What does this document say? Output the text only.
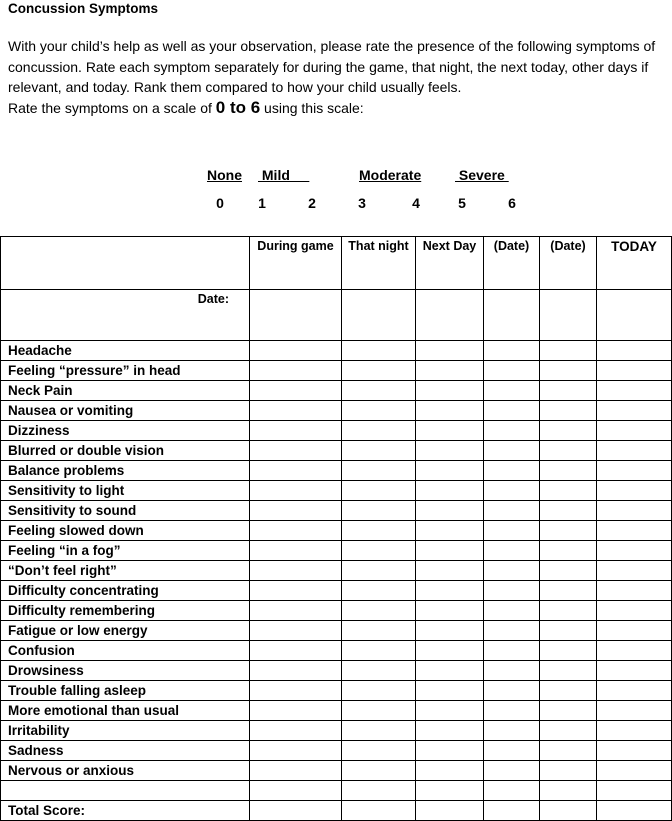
Concussion Symptoms

With your child’s help as well as your observation, please rate the presence of the following symptoms of concussion. Rate each symptom separately for during the game, that night, the next today, other days if relevant, and today. Rank them compared to how your child usually feels.

Rate the symptoms on a scale of 0 to 6 using this scale:
None Mild	Moderate Severe
0 1	2	3	4	5	6
	During game	That night	Next Day	(Date)	(Date)	TODAY
Date:						
Headache						
Feeling “pressure” in head						
Neck Pain						
Nausea or vomiting						
Dizziness						
Blurred or double vision						
Balance problems						
Sensitivity to light						
Sensitivity to sound						
Feeling slowed down						
Feeling “in a fog”						
“Don’t feel right”						
Difficulty concentrating						
Difficulty remembering						
Fatigue or low energy						
Confusion						
Drowsiness						
Trouble falling asleep						
More emotional than usual						
Irritability						
Sadness						
Nervous or anxious						

Total Score:						
